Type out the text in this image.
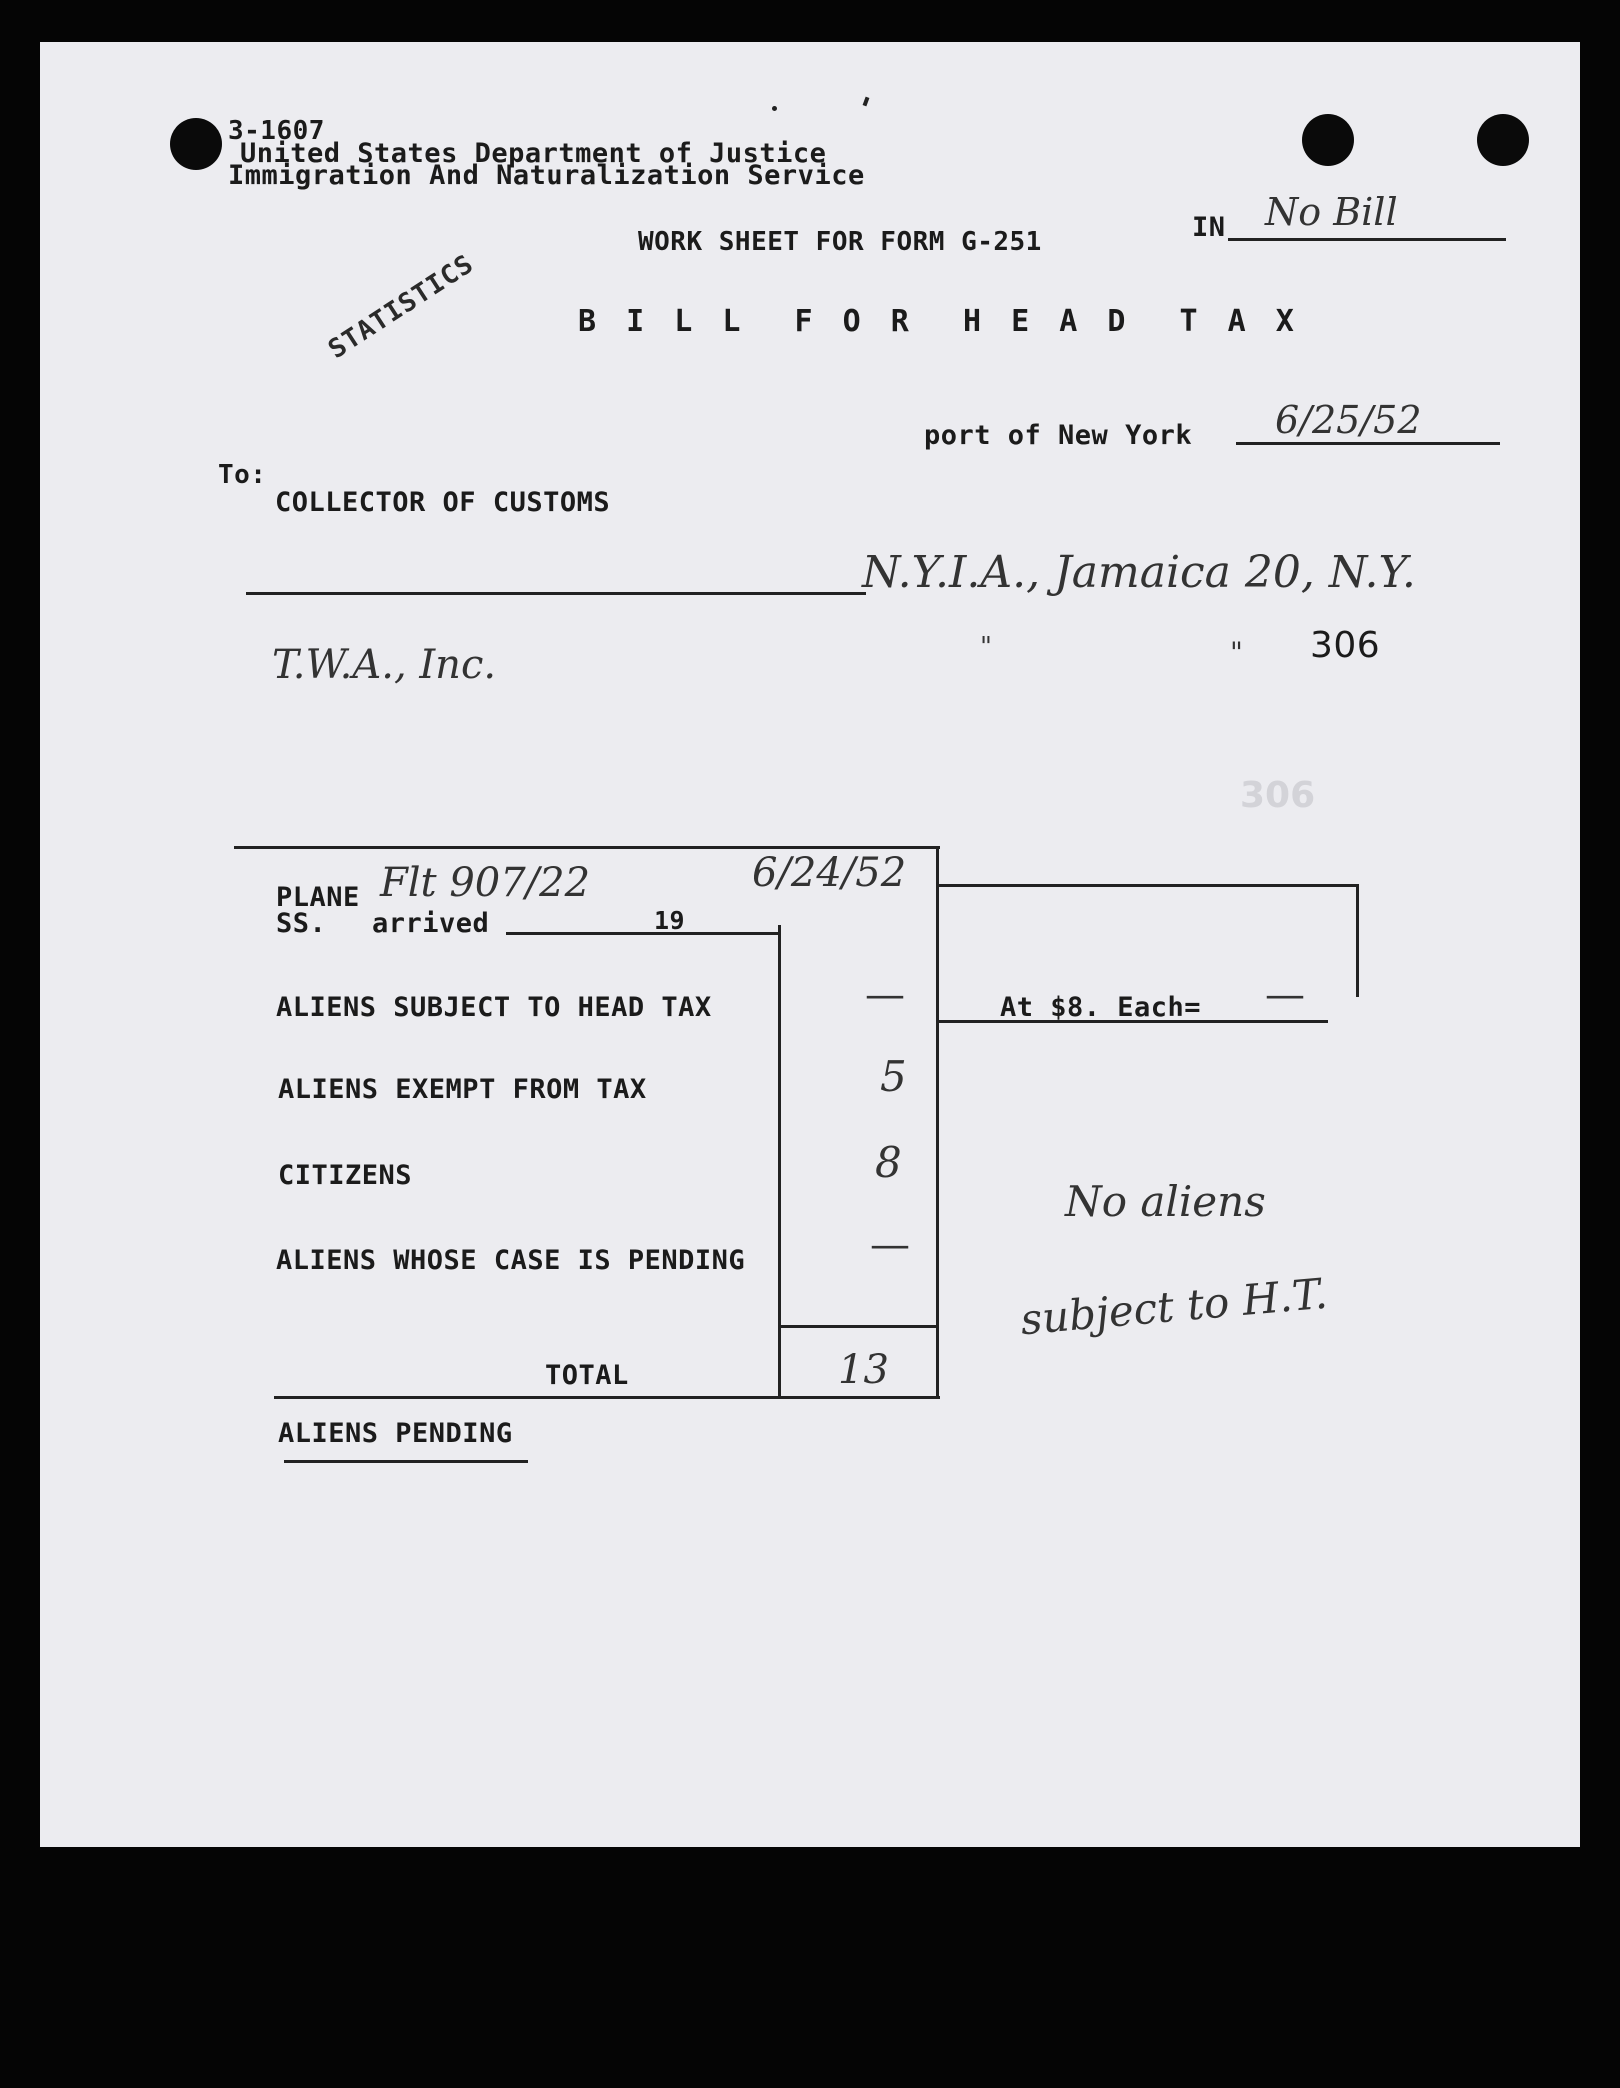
3-1607
United States Department of Justice
Immigration And Naturalization Service
WORK SHEET FOR FORM G-251	IN No Bill
STATISTICS	B I L L  F O R  H E A D  T A X
port of New York 6/25/52
To:
COLLECTOR OF CUSTOMS
N.Y.I.A., Jamaica 20, N.Y.
T.W.A., Inc.	"	" 306
306
At $8. Each= —
PLANE Flt 907/22	6/24/52
SS. arrived	19
ALIENS SUBJECT TO HEAD TAX	—
ALIENS EXEMPT FROM TAX	5
CITIZENS	8
ALIENS WHOSE CASE IS PENDING	—
TOTAL	13
ALIENS PENDING
No aliens
subject to H.T.
